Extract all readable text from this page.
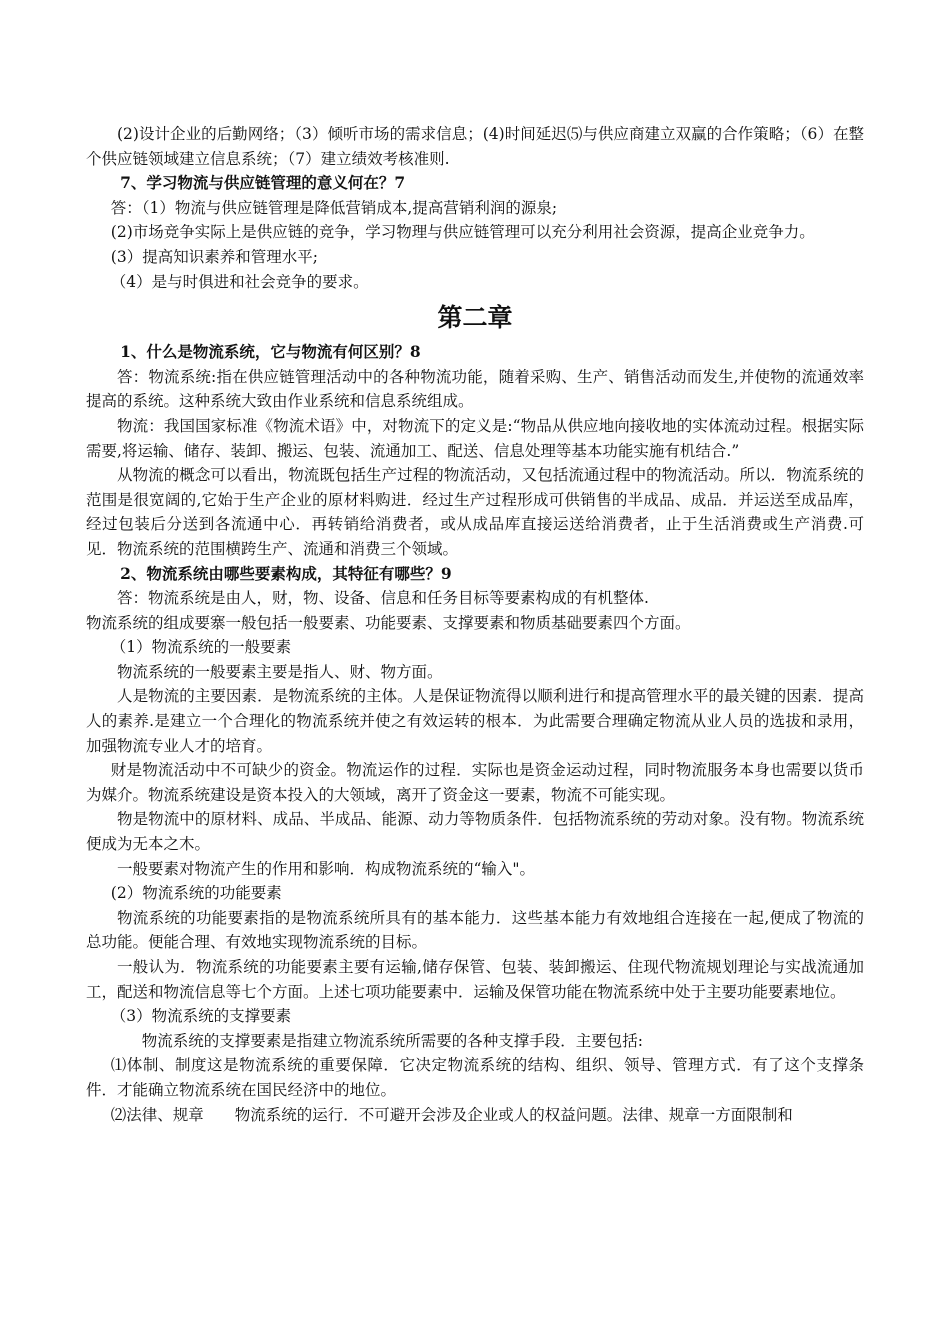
(2)设计企业的后勤网络；（3）倾听市场的需求信息；(4)时间延迟⑸与供应商建立双赢的合作策略；（6）在整个供应链领域建立信息系统；（7）建立绩效考核准则.

7、学习物流与供应链管理的意义何在？7

答：（1）物流与供应链管理是降低营销成本,提高营销利润的源泉;

(2)市场竞争实际上是供应链的竞争，学习物理与供应链管理可以充分利用社会资源，提高企业竞争力。

(3）提高知识素养和管理水平;

（4）是与时俱进和社会竞争的要求。

第二章

1、什么是物流系统，它与物流有何区别？8

答：物流系统:指在供应链管理活动中的各种物流功能，随着采购、生产、销售活动而发生,并使物的流通效率提高的系统。这种系统大致由作业系统和信息系统组成。

物流：我国国家标准《物流术语》中，对物流下的定义是:“物品从供应地向接收地的实体流动过程。根据实际需要,将运输、储存、装卸、搬运、包装、流通加工、配送、信息处理等基本功能实施有机结合.”

从物流的概念可以看出，物流既包括生产过程的物流活动，又包括流通过程中的物流活动。所以．物流系统的范围是很宽阔的,它始于生产企业的原材料购进．经过生产过程形成可供销售的半成品、成品．并运送至成品库，经过包装后分送到各流通中心．再转销给消费者，或从成品库直接运送给消费者，止于生活消费或生产消费.可见．物流系统的范围横跨生产、流通和消费三个领域。

2、物流系统由哪些要素构成，其特征有哪些？9

答：物流系统是由人，财，物、设备、信息和任务目标等要素构成的有机整体.

物流系统的组成要寨一般包括一般要素、功能要素、支撑要素和物质基础要素四个方面。

（1）物流系统的一般要素

物流系统的一般要素主要是指人、财、物方面。

人是物流的主要因素．是物流系统的主体。人是保证物流得以顺利进行和提高管理水平的最关键的因素．提高人的素养.是建立一个合理化的物流系统并使之有效运转的根本．为此需要合理确定物流从业人员的选拔和录用，加强物流专业人才的培育。

财是物流活动中不可缺少的资金。物流运作的过程．实际也是资金运动过程，同时物流服务本身也需要以货币为媒介。物流系统建设是资本投入的大领域，离开了资金这一要素，物流不可能实现。

物是物流中的原材料、成品、半成品、能源、动力等物质条件．包括物流系统的劳动对象。没有物。物流系统便成为无本之木。

一般要素对物流产生的作用和影响．构成物流系统的“输入"。

(2）物流系统的功能要素

物流系统的功能要素指的是物流系统所具有的基本能力．这些基本能力有效地组合连接在一起,便成了物流的总功能。便能合理、有效地实现物流系统的目标。

一般认为．物流系统的功能要素主要有运输,储存保管、包装、装卸搬运、住现代物流规划理论与实战流通加工，配送和物流信息等七个方面。上述七项功能要素中．运输及保管功能在物流系统中处于主要功能要素地位。

（3）物流系统的支撑要素

物流系统的支撑要素是指建立物流系统所需要的各种支撑手段．主要包括:

⑴体制、制度这是物流系统的重要保障．它决定物流系统的结构、组织、领导、管理方式．有了这个支撑条件．才能确立物流系统在国民经济中的地位。

⑵法律、规章　　物流系统的运行．不可避开会涉及企业或人的权益问题。法律、规章一方面限制和
